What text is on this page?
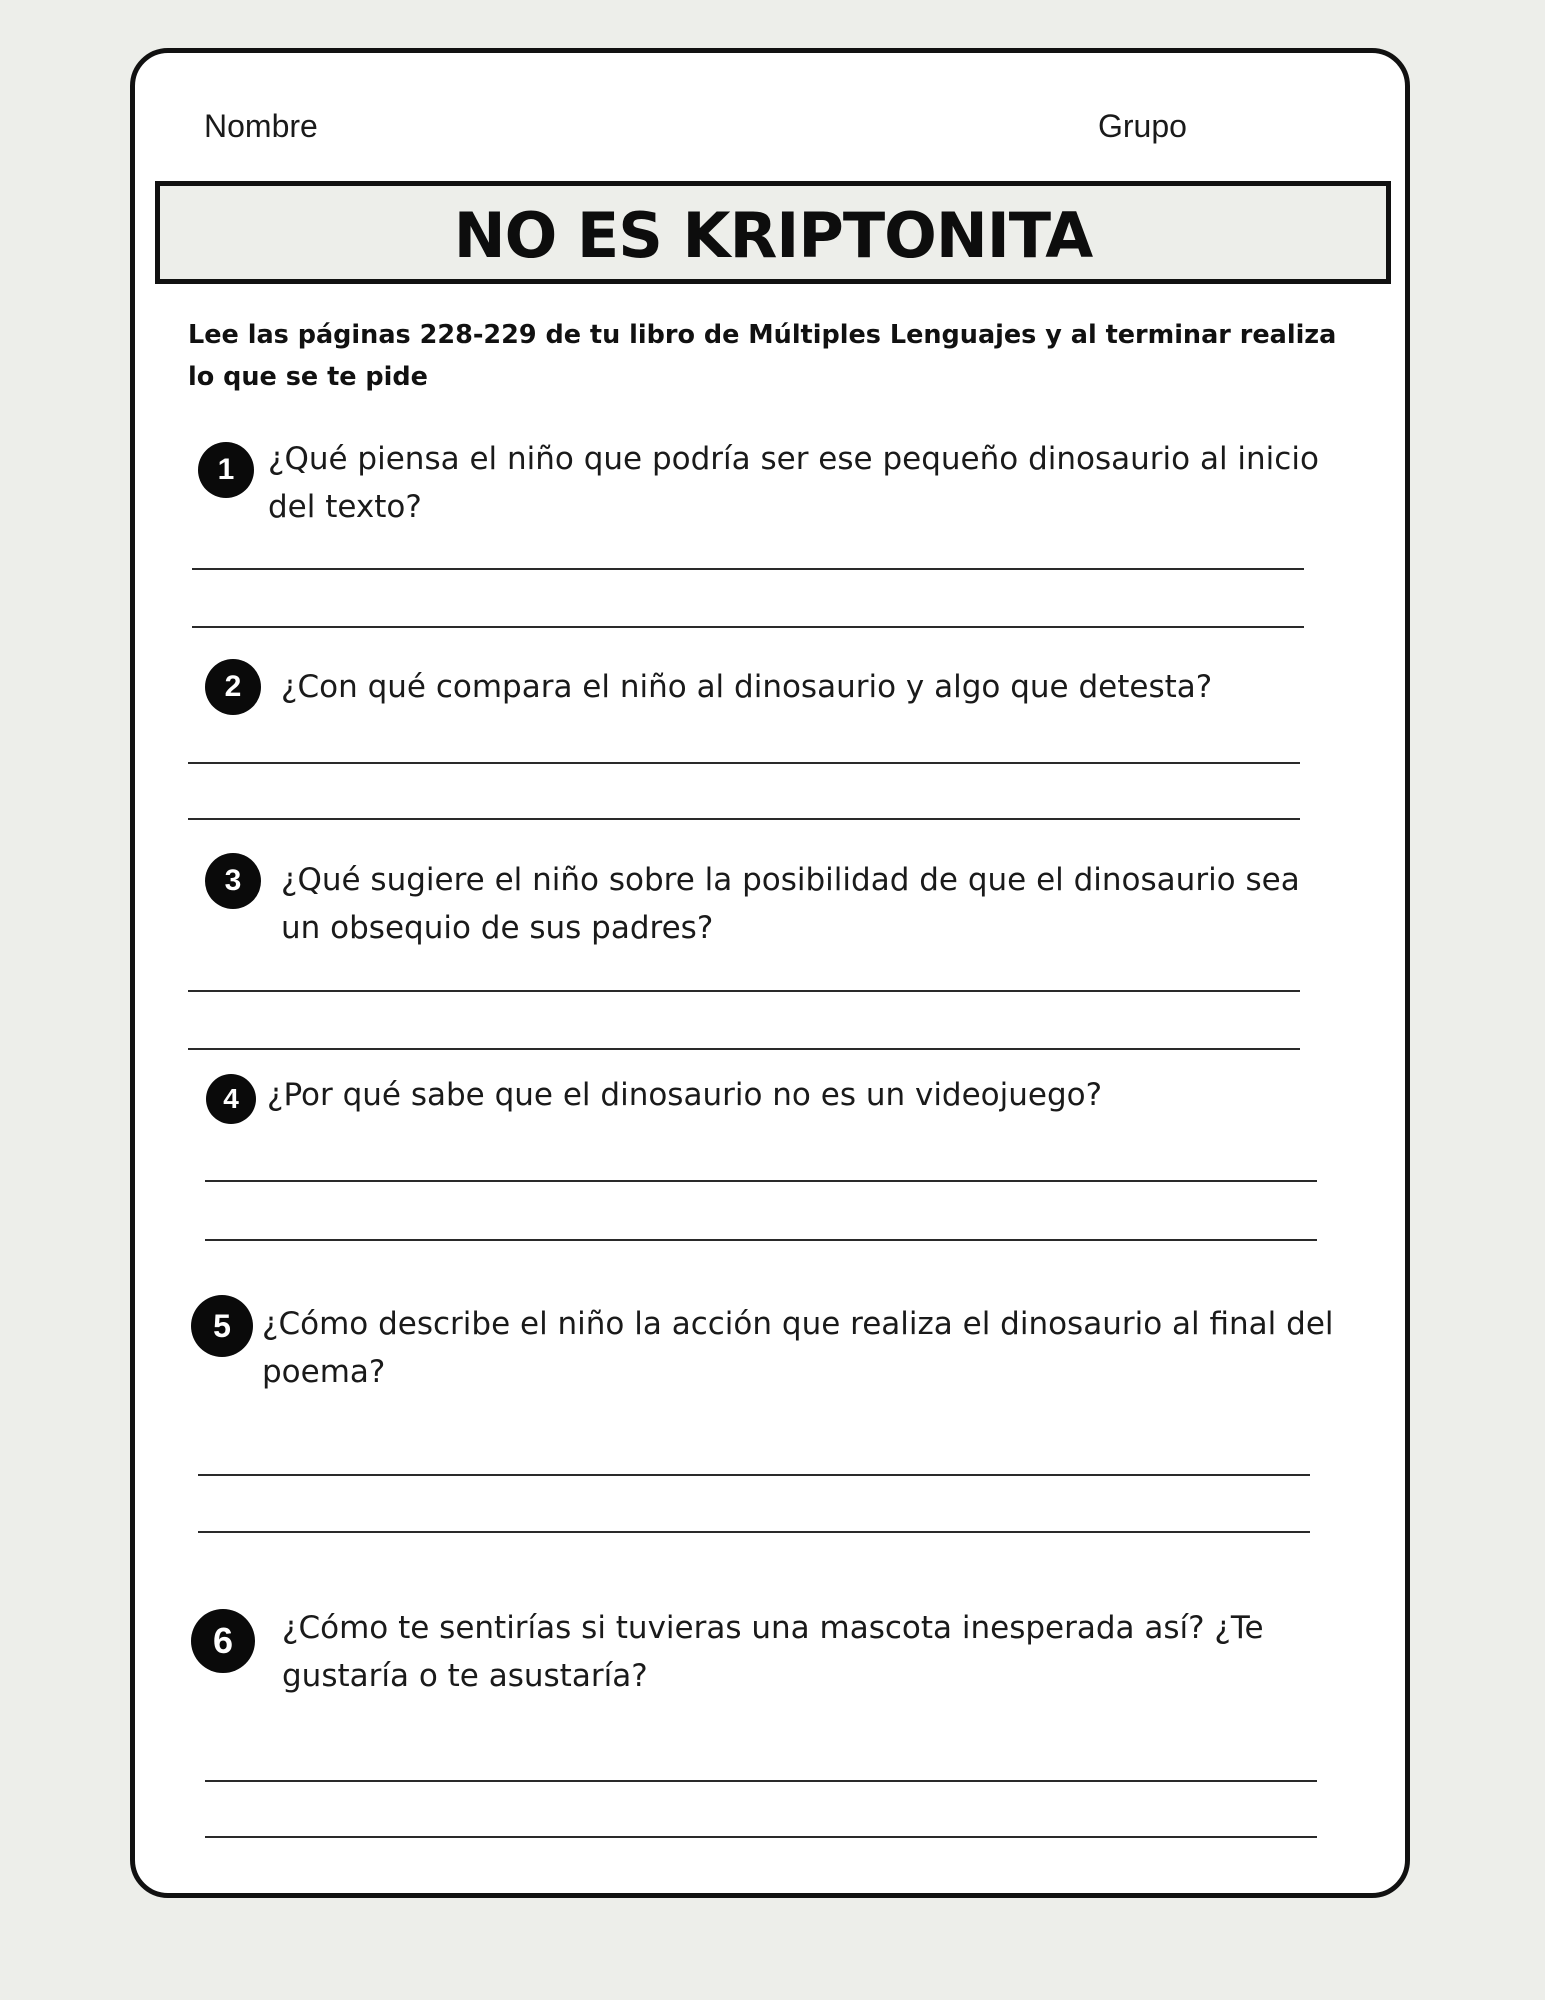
Nombre	Grupo
NO ES KRIPTONITA
Lee las páginas 228-229 de tu libro de Múltiples Lenguajes y al terminar realiza lo que se te pide
1	¿Qué piensa el niño que podría ser ese pequeño dinosaurio al inicio del texto?
2	¿Con qué compara el niño al dinosaurio y algo que detesta?
3	¿Qué sugiere el niño sobre la posibilidad de que el dinosaurio sea un obsequio de sus padres?
4 ¿Por qué sabe que el dinosaurio no es un videojuego?
5	¿Cómo describe el niño la acción que realiza el dinosaurio al final del poema?
6	¿Cómo te sentirías si tuvieras una mascota inesperada así? ¿Te gustaría o te asustaría?
